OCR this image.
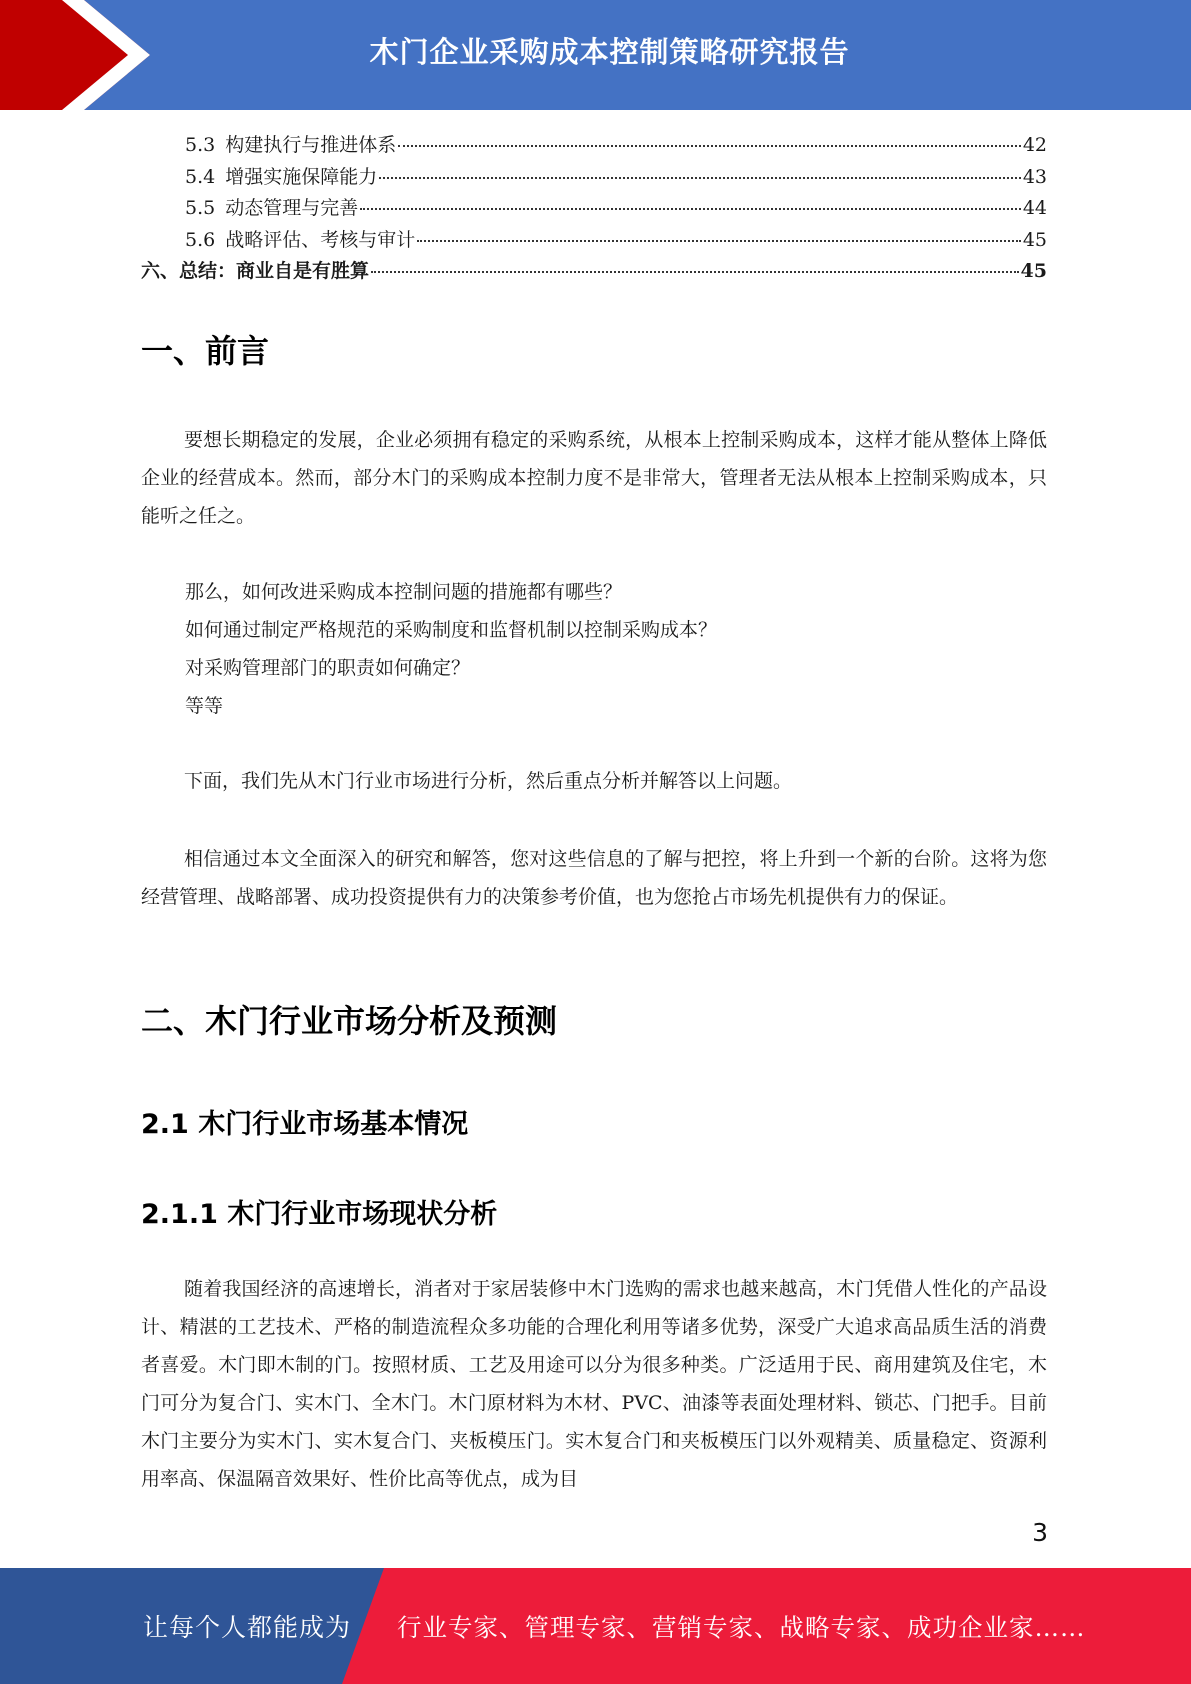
木门企业采购成本控制策略研究报告
5.3 构建执行与推进体系	42
5.4 增强实施保障能力	43
5.5 动态管理与完善	44
5.6 战略评估、考核与审计	45
六、总结：商业自是有胜算	45
一、前言
要想长期稳定的发展，企业必须拥有稳定的采购系统，从根本上控制采购成本，这样才能从整体上降低企业的经营成本。然而，部分木门的采购成本控制力度不是非常大，管理者无法从根本上控制采购成本，只能听之任之。
那么，如何改进采购成本控制问题的措施都有哪些？
如何通过制定严格规范的采购制度和监督机制以控制采购成本？
对采购管理部门的职责如何确定？
等等
下面，我们先从木门行业市场进行分析，然后重点分析并解答以上问题。
相信通过本文全面深入的研究和解答，您对这些信息的了解与把控，将上升到一个新的台阶。这将为您经营管理、战略部署、成功投资提供有力的决策参考价值，也为您抢占市场先机提供有力的保证。
二、木门行业市场分析及预测
2.1 木门行业市场基本情况
2.1.1 木门行业市场现状分析
随着我国经济的高速增长，消者对于家居装修中木门选购的需求也越来越高，木门凭借人性化的产品设计、精湛的工艺技术、严格的制造流程众多功能的合理化利用等诸多优势，深受广大追求高品质生活的消费者喜爱。木门即木制的门。按照材质、工艺及用途可以分为很多种类。广泛适用于民、商用建筑及住宅，木门可分为复合门、实木门、全木门。木门原材料为木材、PVC、油漆等表面处理材料、锁芯、门把手。目前木门主要分为实木门、实木复合门、夹板模压门。实木复合门和夹板模压门以外观精美、质量稳定、资源利用率高、保温隔音效果好、性价比高等优点，成为目
3
让每个人都能成为 行业专家、管理专家、营销专家、战略专家、成功企业家……
